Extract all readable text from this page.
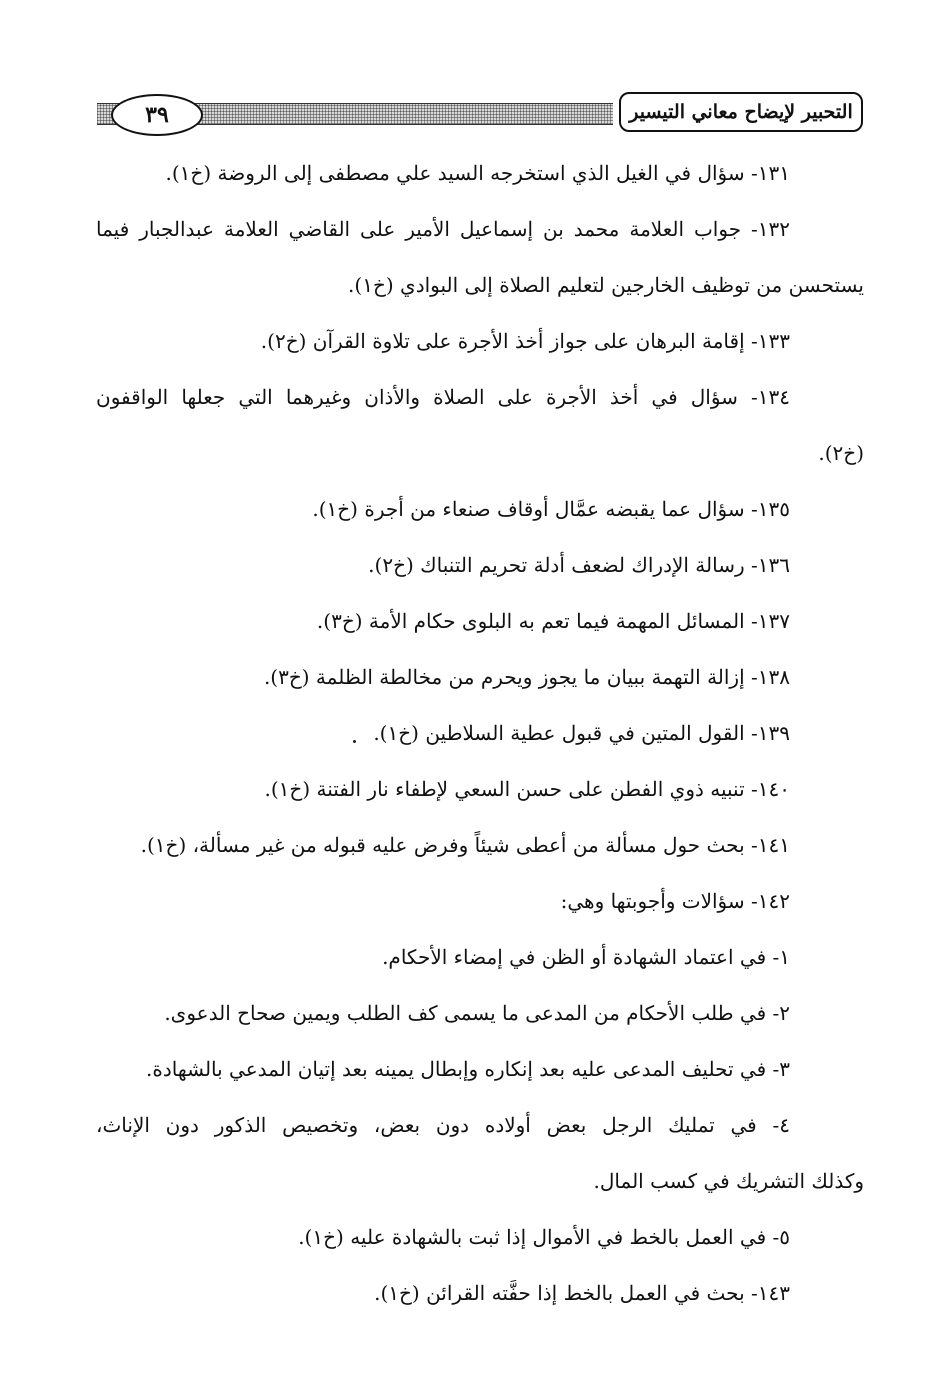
٣٩	التحبير لإيضاح معاني التيسير
١٣١- سؤال في الغيل الذي استخرجه السيد علي مصطفى إلى الروضة (خ١).
١٣٢- جواب العلامة محمد بن إسماعيل الأمير على القاضي العلامة عبدالجبار فيما
يستحسن من توظيف الخارجين لتعليم الصلاة إلى البوادي (خ١).
١٣٣- إقامة البرهان على جواز أخذ الأجرة على تلاوة القرآن (خ٢).
١٣٤- سؤال في أخذ الأجرة على الصلاة والأذان وغيرهما التي جعلها الواقفون
(خ٢).
١٣٥- سؤال عما يقبضه عمَّال أوقاف صنعاء من أجرة (خ١).
١٣٦- رسالة الإدراك لضعف أدلة تحريم التنباك (خ٢).
١٣٧- المسائل المهمة فيما تعم به البلوى حكام الأمة (خ٣).
١٣٨- إزالة التهمة ببيان ما يجوز ويحرم من مخالطة الظلمة (خ٣).
١٣٩- القول المتين في قبول عطية السلاطين (خ١).
١٤٠- تنبيه ذوي الفطن على حسن السعي لإطفاء نار الفتنة (خ١).
١٤١- بحث حول مسألة من أعطى شيئاً وفرض عليه قبوله من غير مسألة، (خ١).
١٤٢- سؤالات وأجوبتها وهي:
١- في اعتماد الشهادة أو الظن في إمضاء الأحكام.
٢- في طلب الأحكام من المدعى ما يسمى كف الطلب ويمين صحاح الدعوى.
٣- في تحليف المدعى عليه بعد إنكاره وإبطال يمينه بعد إتيان المدعي بالشهادة.
٤- في تمليك الرجل بعض أولاده دون بعض، وتخصيص الذكور دون الإناث،
وكذلك التشريك في كسب المال.
٥- في العمل بالخط في الأموال إذا ثبت بالشهادة عليه (خ١).
١٤٣- بحث في العمل بالخط إذا حفَّته القرائن (خ١).
